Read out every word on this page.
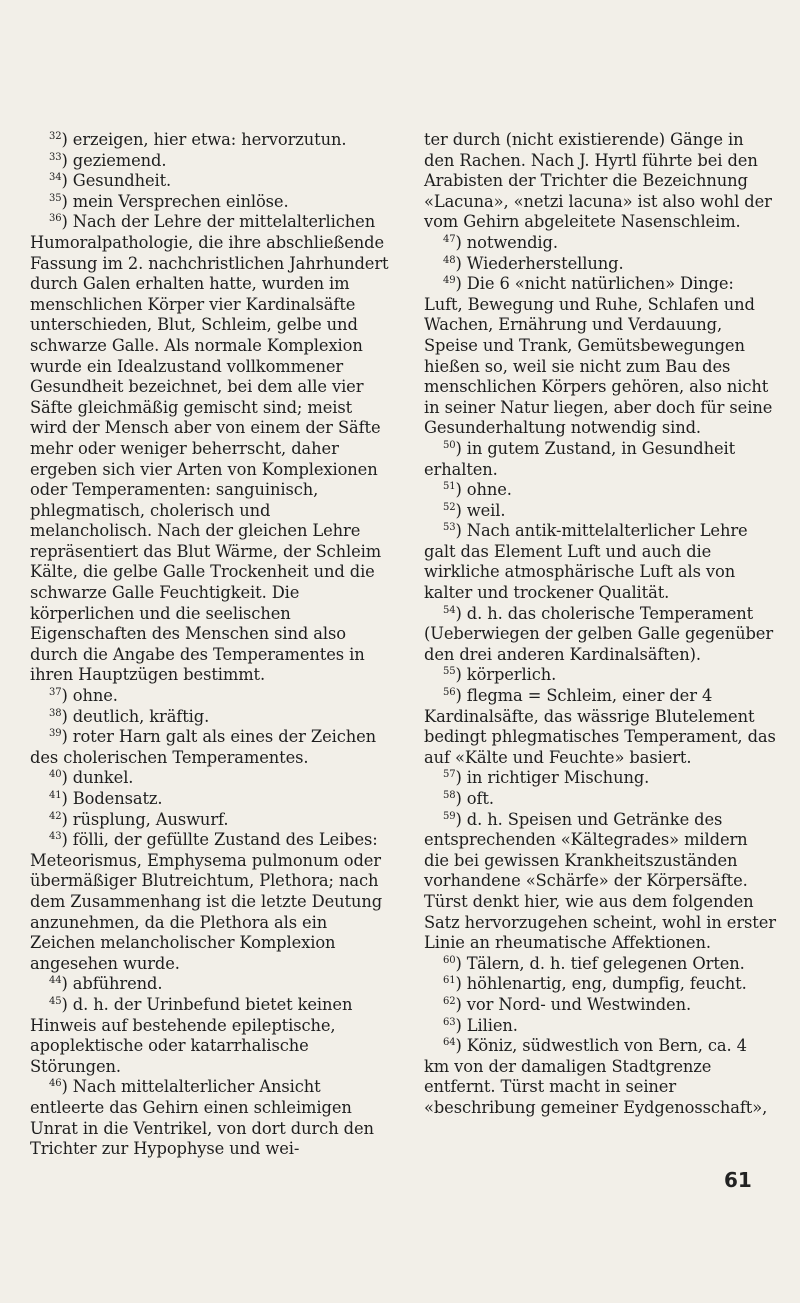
$^{32}$) erzeigen, hier etwa: hervorzutun.

$^{33}$) geziemend.

$^{34}$) Gesundheit.

$^{35}$) mein Versprechen einlöse.

$^{36}$) Nach der Lehre der mittelalterlichen Humoralpathologie, die ihre abschließende Fassung im 2. nachchristlichen Jahrhundert durch Galen erhalten hatte, wurden im menschlichen Körper vier Kardinalsäfte unterschieden, Blut, Schleim, gelbe und schwarze Galle. Als normale Komplexion wurde ein Idealzustand vollkommener Gesundheit bezeichnet, bei dem alle vier Säfte gleichmäßig gemischt sind; meist wird der Mensch aber von einem der Säfte mehr oder weniger beherrscht, daher ergeben sich vier Arten von Komplexionen oder Temperamenten: sanguinisch, phlegmatisch, cholerisch und melancholisch. Nach der gleichen Lehre repräsentiert das Blut Wärme, der Schleim Kälte, die gelbe Galle Trockenheit und die schwarze Galle Feuchtigkeit. Die körperlichen und die seelischen Eigenschaften des Menschen sind also durch die Angabe des Temperamentes in ihren Hauptzügen bestimmt.

$^{37}$) ohne.

$^{38}$) deutlich, kräftig.

$^{39}$) roter Harn galt als eines der Zeichen des cholerischen Temperamentes.

$^{40}$) dunkel.

$^{41}$) Bodensatz.

$^{42}$) rüsplung, Auswurf.

$^{43}$) fölli, der gefüllte Zustand des Leibes: Meteorismus, Emphysema pulmonum oder übermäßiger Blutreichtum, Plethora; nach dem Zusammenhang ist die letzte Deutung anzunehmen, da die Plethora als ein Zeichen melancholischer Komplexion angesehen wurde.

$^{44}$) abführend.

$^{45}$) d. h. der Urinbefund bietet keinen Hinweis auf bestehende epileptische, apoplektische oder katarrhalische Störungen.

$^{46}$) Nach mittelalterlicher Ansicht entleerte das Gehirn einen schleimigen Unrat in die Ventrikel, von dort durch den Trichter zur Hypophyse und wei-

ter durch (nicht existierende) Gänge in den Rachen. Nach J. Hyrtl führte bei den Arabisten der Trichter die Bezeichnung «Lacuna», «netzi lacuna» ist also wohl der vom Gehirn abgeleitete Nasenschleim.

$^{47}$) notwendig.

$^{48}$) Wiederherstellung.

$^{49}$) Die 6 «nicht natürlichen» Dinge: Luft, Bewegung und Ruhe, Schlafen und Wachen, Ernährung und Verdauung, Speise und Trank, Gemütsbewegungen hießen so, weil sie nicht zum Bau des menschlichen Körpers gehören, also nicht in seiner Natur liegen, aber doch für seine Gesunderhaltung notwendig sind.

$^{50}$) in gutem Zustand, in Gesundheit erhalten.

$^{51}$) ohne.

$^{52}$) weil.

$^{53}$) Nach antik-mittelalterlicher Lehre galt das Element Luft und auch die wirkliche atmosphärische Luft als von kalter und trockener Qualität.

$^{54}$) d. h. das cholerische Temperament (Ueberwiegen der gelben Galle gegenüber den drei anderen Kardinalsäften).

$^{55}$) körperlich.

$^{56}$) flegma = Schleim, einer der 4 Kardinalsäfte, das wässrige Blutelement bedingt phlegmatisches Temperament, das auf «Kälte und Feuchte» basiert.

$^{57}$) in richtiger Mischung.

$^{58}$) oft.

$^{59}$) d. h. Speisen und Getränke des entsprechenden «Kältegrades» mildern die bei gewissen Krankheitszuständen vorhandene «Schärfe» der Körpersäfte. Türst denkt hier, wie aus dem folgenden Satz hervorzugehen scheint, wohl in erster Linie an rheumatische Affektionen.

$^{60}$) Tälern, d. h. tief gelegenen Orten.

$^{61}$) höhlenartig, eng, dumpfig, feucht.

$^{62}$) vor Nord- und Westwinden.

$^{63}$) Lilien.

$^{64}$) Köniz, südwestlich von Bern, ca. 4 km von der damaligen Stadtgrenze entfernt. Türst macht in seiner «beschribung gemeiner Eydgenosschaft»,

61
